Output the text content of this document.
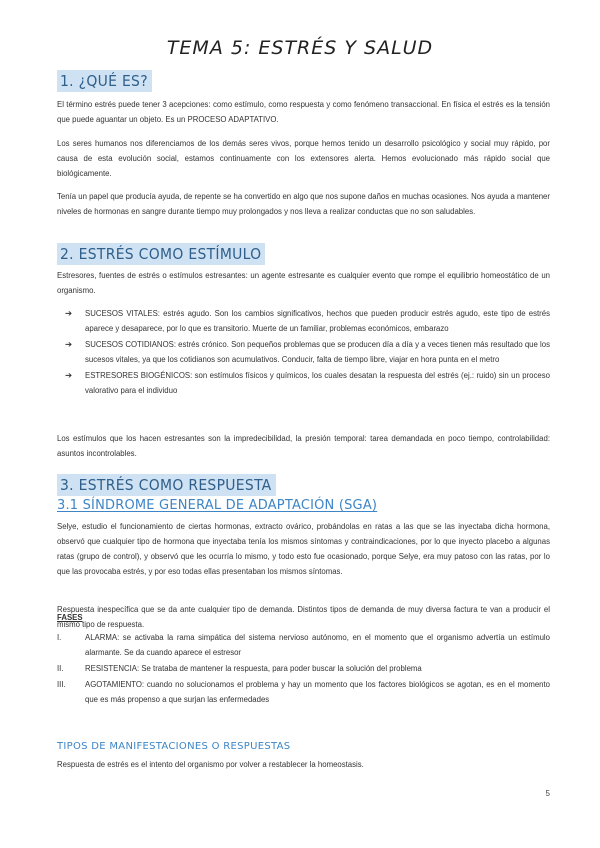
TEMA 5: ESTRÉS Y SALUD
1. ¿QUÉ ES?
El término estrés puede tener 3 acepciones: como estímulo, como respuesta y como fenómeno transaccional. En física el estrés es la tensión que puede aguantar un objeto. Es un PROCESO ADAPTATIVO.
Los seres humanos nos diferenciamos de los demás seres vivos, porque hemos tenido un desarrollo psicológico y social muy rápido, por causa de esta evolución social, estamos continuamente con los extensores alerta. Hemos evolucionado más rápido social que biológicamente.
Tenía un papel que producía ayuda, de repente se ha convertido en algo que nos supone daños en muchas ocasiones. Nos ayuda a mantener niveles de hormonas en sangre durante tiempo muy prolongados y nos lleva a realizar conductas que no son saludables.
2. ESTRÉS COMO ESTÍMULO
Estresores, fuentes de estrés o estímulos estresantes: un agente estresante es cualquier evento que rompe el equilibrio homeostático de un organismo.
➔ SUCESOS VITALES: estrés agudo. Son los cambios significativos, hechos que pueden producir estrés agudo, este tipo de estrés aparece y desaparece, por lo que es transitorio. Muerte de un familiar, problemas económicos, embarazo
➔ SUCESOS COTIDIANOS: estrés crónico. Son pequeños problemas que se producen día a día y a veces tienen más resultado que los sucesos vitales, ya que los cotidianos son acumulativos. Conducir, falta de tiempo libre, viajar en hora punta en el metro
➔ ESTRESORES BIOGÉNICOS: son estímulos físicos y químicos, los cuales desatan la respuesta del estrés (ej.: ruido) sin un proceso valorativo para el individuo
Los estímulos que los hacen estresantes son la impredecibilidad, la presión temporal: tarea demandada en poco tiempo, controlabilidad: asuntos incontrolables.
3. ESTRÉS COMO RESPUESTA
3.1 SÍNDROME GENERAL DE ADAPTACIÓN (SGA)
Selye, estudio el funcionamiento de ciertas hormonas, extracto ovárico, probándolas en ratas a las que se las inyectaba dicha hormona, observó que cualquier tipo de hormona que inyectaba tenía los mismos síntomas y contraindicaciones, por lo que inyecto placebo a algunas ratas (grupo de control), y observó que les ocurría lo mismo, y todo esto fue ocasionado, porque Selye, era muy patoso con las ratas, por lo que las provocaba estrés, y por eso todas ellas presentaban los mismos síntomas.
Respuesta inespecífica que se da ante cualquier tipo de demanda. Distintos tipos de demanda de muy diversa factura te van a producir el mismo tipo de respuesta.
FASES
I.	ALARMA: se activaba la rama simpática del sistema nervioso autónomo, en el momento que el organismo advertía un estímulo alarmante. Se da cuando aparece el estresor
II.	RESISTENCIA: Se trataba de mantener la respuesta, para poder buscar la solución del problema
III.	AGOTAMIENTO: cuando no solucionamos el problema y hay un momento que los factores biológicos se agotan, es en el momento que es más propenso a que surjan las enfermedades
TIPOS DE MANIFESTACIONES O RESPUESTAS
Respuesta de estrés es el intento del organismo por volver a restablecer la homeostasis.
5
